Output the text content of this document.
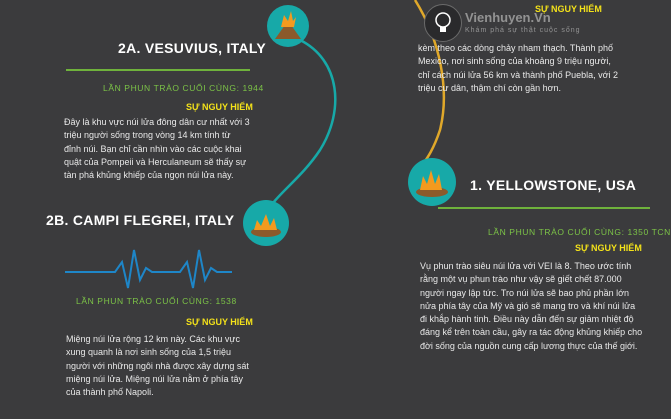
Vienhuyen.Vn
Khám phá sự thật cuộc sống
2A. VESUVIUS, ITALY
LẦN PHUN TRÀO CUỐI CÙNG: 1944
SỰ NGUY HIỂM
Đây là khu vực núi lửa đông dân cư nhất với 3 triệu người sống trong vòng 14 km tính từ đỉnh núi. Bạn chỉ cần nhìn vào các cuộc khai quật của Pompeii và Herculaneum sẽ thấy sự tàn phá khủng khiếp của ngọn núi lửa này.
SỰ NGUY HIỂM
kèm theo các dòng chảy nham thạch. Thành phố Mexico, nơi sinh sống của khoảng 9 triệu người, chỉ cách núi lửa 56 km và thành phố Puebla, với 2 triệu cư dân, thậm chí còn gần hơn.
1. YELLOWSTONE, USA
LẦN PHUN TRÀO CUỐI CÙNG: 1350 TCN
SỰ NGUY HIỂM
Vụ phun trào siêu núi lửa với VEI là 8. Theo ước tính rằng một vụ phun trào như vậy sẽ giết chết 87.000 người ngay lập tức. Tro núi lửa sẽ bao phủ phần lớn nửa phía tây của Mỹ và gió sẽ mang tro và khí núi lửa đi khắp hành tinh. Điều này dẫn đến sự giảm nhiệt độ đáng kể trên toàn cầu, gây ra tác động khủng khiếp cho đời sống của nguồn cung cấp lương thực của thế giới.
2B. CAMPI FLEGREI, ITALY
LẦN PHUN TRÀO CUỐI CÙNG: 1538
SỰ NGUY HIỂM
Miệng núi lửa rộng 12 km này. Các khu vực xung quanh là nơi sinh sống của 1,5 triệu người với những ngôi nhà được xây dựng sát miệng núi lửa. Miệng núi lửa nằm ở phía tây của thành phố Napoli.
